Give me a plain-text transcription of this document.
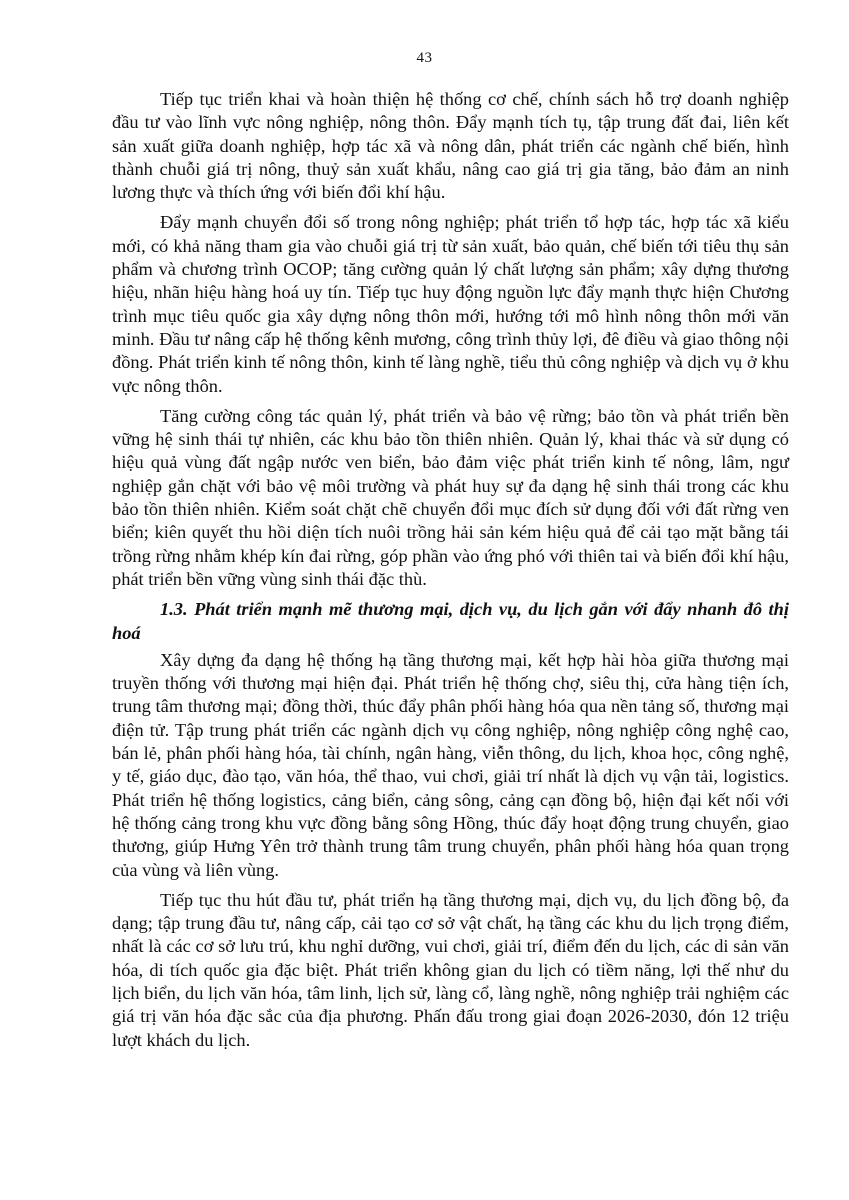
43

Tiếp tục triển khai và hoàn thiện hệ thống cơ chế, chính sách hỗ trợ doanh nghiệp đầu tư vào lĩnh vực nông nghiệp, nông thôn. Đẩy mạnh tích tụ, tập trung đất đai, liên kết sản xuất giữa doanh nghiệp, hợp tác xã và nông dân, phát triển các ngành chế biến, hình thành chuỗi giá trị nông, thuỷ sản xuất khẩu, nâng cao giá trị gia tăng, bảo đảm an ninh lương thực và thích ứng với biến đổi khí hậu.

Đẩy mạnh chuyển đổi số trong nông nghiệp; phát triển tổ hợp tác, hợp tác xã kiểu mới, có khả năng tham gia vào chuỗi giá trị từ sản xuất, bảo quản, chế biến tới tiêu thụ sản phẩm và chương trình OCOP; tăng cường quản lý chất lượng sản phẩm; xây dựng thương hiệu, nhãn hiệu hàng hoá uy tín. Tiếp tục huy động nguồn lực đẩy mạnh thực hiện Chương trình mục tiêu quốc gia xây dựng nông thôn mới, hướng tới mô hình nông thôn mới văn minh. Đầu tư nâng cấp hệ thống kênh mương, công trình thủy lợi, đê điều và giao thông nội đồng. Phát triển kinh tế nông thôn, kinh tế làng nghề, tiểu thủ công nghiệp và dịch vụ ở khu vực nông thôn.

Tăng cường công tác quản lý, phát triển và bảo vệ rừng; bảo tồn và phát triển bền vững hệ sinh thái tự nhiên, các khu bảo tồn thiên nhiên. Quản lý, khai thác và sử dụng có hiệu quả vùng đất ngập nước ven biển, bảo đảm việc phát triển kinh tế nông, lâm, ngư nghiệp gắn chặt với bảo vệ môi trường và phát huy sự đa dạng hệ sinh thái trong các khu bảo tồn thiên nhiên. Kiểm soát chặt chẽ chuyển đổi mục đích sử dụng đối với đất rừng ven biển; kiên quyết thu hồi diện tích nuôi trồng hải sản kém hiệu quả để cải tạo mặt bằng tái trồng rừng nhằm khép kín đai rừng, góp phần vào ứng phó với thiên tai và biến đổi khí hậu, phát triển bền vững vùng sinh thái đặc thù.

1.3. Phát triển mạnh mẽ thương mại, dịch vụ, du lịch gắn với đẩy nhanh đô thị hoá

Xây dựng đa dạng hệ thống hạ tầng thương mại, kết hợp hài hòa giữa thương mại truyền thống với thương mại hiện đại. Phát triển hệ thống chợ, siêu thị, cửa hàng tiện ích, trung tâm thương mại; đồng thời, thúc đẩy phân phối hàng hóa qua nền tảng số, thương mại điện tử. Tập trung phát triển các ngành dịch vụ công nghiệp, nông nghiệp công nghệ cao, bán lẻ, phân phối hàng hóa, tài chính, ngân hàng, viễn thông, du lịch, khoa học, công nghệ, y tế, giáo dục, đào tạo, văn hóa, thể thao, vui chơi, giải trí nhất là dịch vụ vận tải, logistics. Phát triển hệ thống logistics, cảng biển, cảng sông, cảng cạn đồng bộ, hiện đại kết nối với hệ thống cảng trong khu vực đồng bằng sông Hồng, thúc đẩy hoạt động trung chuyển, giao thương, giúp Hưng Yên trở thành trung tâm trung chuyển, phân phối hàng hóa quan trọng của vùng và liên vùng.

Tiếp tục thu hút đầu tư, phát triển hạ tầng thương mại, dịch vụ, du lịch đồng bộ, đa dạng; tập trung đầu tư, nâng cấp, cải tạo cơ sở vật chất, hạ tầng các khu du lịch trọng điểm, nhất là các cơ sở lưu trú, khu nghỉ dưỡng, vui chơi, giải trí, điểm đến du lịch, các di sản văn hóa, di tích quốc gia đặc biệt. Phát triển không gian du lịch có tiềm năng, lợi thế như du lịch biển, du lịch văn hóa, tâm linh, lịch sử, làng cổ, làng nghề, nông nghiệp trải nghiệm các giá trị văn hóa đặc sắc của địa phương. Phấn đấu trong giai đoạn 2026-2030, đón 12 triệu lượt khách du lịch.
